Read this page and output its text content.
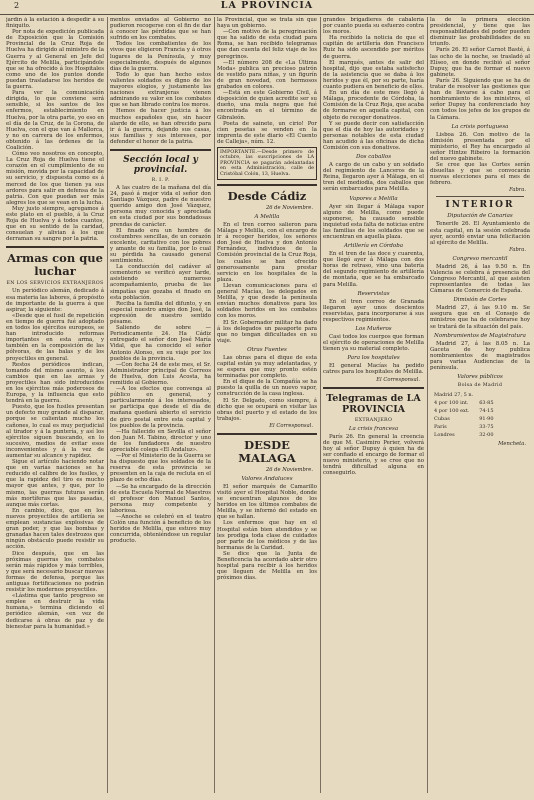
2	LA PROVINCIA

jardín á la estación á despedir á su finiquito.

Por nota de expedición publicada de Exposición que la Comisión Provincial de la Cruz Roja de Huelva ha dirigido al ministro de la Guerra y al General en Jefe del Ejército de Melilla, participándole que se ha ofrecido á los Hospitales como uno de los puntos donde puedan trasladarse los heridos de la guerra.

Para ver la comunicación dirigida, lo que conviene será sensible, si los santos de los enfermos, establecimiento en Huelva, por la otra parte, yo eso en el día de la Cruz, de la Corona, de Huelva, con el que van á Mallorca, y no en carrera de los enfermos, obtenido á las órdenes de la Coalición.

Cómo veo nosotros en concepto, La Cruz Roja de Huelva tiene el corazón en el cumplimiento de su misión, movida por la capacidad de su servicio, y dispuesta como es á merced de los que tienen ya sus ardores para salir en defensa de la patria. Con que puedan ser más alegres los que se vean en la lucha.

Muy justo siempre, agregamos á este plato en el pueblo, á la Cruz Roja de Huelva y á todos cuantos, que en su sentido de la caridad, consuelan y alivian á los que derraman su sangre por la patria.

Armas con que luchar
EN LOS SERVICIOS EXTRANJEROS

Un periódico alemán, dedicado á esa materia las labores, á propósito de importante de la guerra á que aspirar, la siguiente:

«Desde que el fusil de repetición en tiempo de guerra fué adoptado en todos los ejércitos europeos, se han introducido reformas importantes en esta arma, y también en la composición de las pólvoras, de las balas y de los proyectiles en general.

Restos periódicos indican, tomando del mismo asunto, á los cambios que en las armas y proyectiles han sido introducidos en los ejércitos más poderosos de Europa, y la influencia que esto tendrá en la guerra.

Puesto, que los fusiles presentan un defecto muy grande al disparar, porque se calientan mucho los cañones, lo cual es muy perjudicial al tirador y á la puntería, y así los ejércitos siguen buscando, en lo sucesivo, medios de evitar esos inconvenientes y á la vez de aumentar su alcance y rapidez.

Sigue el artículo haciendo notar que en varias naciones se ha reducido el calibre de los fusiles, y que la rapidez del tiro es mucho mayor que antes, y que, por lo mismo, las guerras futuras serán más mortíferas que las pasadas, aunque más cortas.

En cambio, dice, que en los nuevos proyectiles de artillería se emplean sustancias explosivas de gran poder, y que las bombas y granadas hacen tales destrozos que ningún obstáculo puede resistir su acción.

Dice después, que en las próximas guerras los combates serán más rápidos y más terribles, y que será necesario buscar nuevas formas de defensa, porque las antiguas fortificaciones no podrán resistir los modernos proyectiles.

«Lástima que tanto progreso se emplee en destruir la vida humana,» termina diciendo el periódico alemán, «en vez de dedicarse á obras de paz y de bienestar para la humanidad.»

mentos enviados al Gobierno no pudieron recogerse con el fin de dar á conocer las pérdidas que se han sufrido en los combates.

Todos los combatientes de los vivos que eligieron Francia y á otros lugares de la Península, y muy especialmente, después de algunos días de la guerra.

Todo lo que han hecho estos valientes soldados es digno de los mayores elogios, y justamente las naciones extranjeras vienen admirando su valor en los combates que se han librado contra los moros.

Hemos de hacer justicia á los muchos españoles que, sin hacer alarde de ello, se han ofrecido para ir á la guerra, dejando sus casas, sus familias y sus intereses, por defender el honor de la patria.

Sección local y provincial.
R. I. P.

A las cuatro de la mañana del día 24, pasó á mejor vida el señor don Santiago Vázquez, padre de nuestro querido amigo don José Vázquez, persona muy conocida y apreciada en esta ciudad por sus bondadosas prendas de carácter.

El finado era un hombre de costumbres sencillas, de un corazón excelente, caritativo con los pobres y amante de su familia, por lo cual su pérdida ha causado general sentimiento.

La conducción del cadáver al cementerio se verificó ayer tarde, asistiendo numeroso acompañamiento, prueba de las simpatías que gozaba el finado en esta población.

Reciba la familia del difunto, y en especial nuestro amigo don José, la expresión de nuestro sentido pésame.

Saliendo de sobre —Periodicamente 24. Ha Cádiz entregado el señor don José María Vidal, que ha conocido el señor Antonio Alonso, en su viaje por los pueblos de la provincia.

—Con fecha 24 de este mes, el Sr. Administrador principal de Correos de Huelva, don Luis Acosta, ha remitido al Gobierno.

—A los efectos que convenga al público en general, y particularmente á los interesados, se participa que desde el día de mañana quedará abierto el servicio de giro postal entre esta capital y los pueblos de la provincia.

—Ha fallecido en Sevilla el señor don Juan M. Tabino, director y uno de los fundadores de nuestro apreciable colega «El Andaluz».

—Por el Ministerio de la Guerra se ha dispuesto que los soldados de la reserva de esta provincia se presenten en la caja de recluta en el plazo de ocho días.

—Se ha encargado de la dirección de esta Escuela Normal de Maestros el profesor don Manuel Santos, persona muy competente y laboriosa.

—Anoche se celebró en el teatro Colón una función á beneficio de los heridos de Melilla, que estuvo muy concurrida, obteniéndose un regular producto.

la Provincial, que se trata sin que haya un gobierno.

—Con motivo de la peregrinación que ha salido de esta ciudad para Roma, se han recibido telegramas que dan cuenta del feliz viaje de los peregrinos.

—El número 208 de «La Última Moda» publica un precioso patrón de vestido para niñas, y un figurín de gran novedad, con hermosos grabados en colores.

—Está en este Gobierno Civil, á disposición de quien acredite ser su dueño, una mula negra que fué encontrada en el término de Gibraleón.

Poeta de sainete, un cirio! Por cien pesetas se venden en la imprenta de este diario «El Cuento de Calleja», núm. 12.

IMPORTANTE.—Desde primero de octubre, las suscripciones de LA PROVINCIA se pagarán adelantadas en esta Administración, calle de Cristóbal Colón, 13, Huelva.

Desde Cádiz
26 de Noviembre.
A Melilla

En el tren correo salieron para Málaga y Melilla, con el encargo de ir á recoger heridos, los señores don José de Huelva y don Antonio Fernández, individuos de la Comisión provincial de la Cruz Roja, los cuales se han ofrecido generosamente para prestar servicio en los hospitales de la plaza.

Llevan comunicaciones para el general Macías, los delegados en Melilla, y que desde la península envían muchos donativos para los soldados heridos en los combates con los moros.

El Sr. Gobernador militar ha dado á los delegados un pasaporte para que no tengan dificultades en su viaje.

Otras Fuentes

Las obras para el dique de esta capital están ya muy adelantadas, y se espera que muy pronto estén terminadas por completo.

En el dique de la Compañía se ha puesto la quilla de un nuevo vapor, construcción de la casa inglesa.

El Sr. Delgado, como siempre, á dicho que se ocupará en visitar las obras del puerto y el estado de los trabajos.

El Corresponsal.
DESDE MALAGA
26 de Noviembre.
Valores Andaluces

El señor marqués de Camarillo visitó ayer el Hospital Noble, donde se encuentran algunos de los heridos en los últimos combates de Melilla, y se informó del estado en que se hallan.

Los enfermos que hay en el Hospital están bien atendidos y se les prodiga toda clase de cuidados por parte de los médicos y de las hermanas de la Caridad.

Se dice que la Junta de Beneficencia ha acordado abrir otro hospital para recibir á los heridos que lleguen de Melilla en los próximos días.

grandes brigadieres de cabalería por cuanto pueda su esfuerzo contra los moros.

Ha recibido la noticia de que el capitán de artillería don Francisco Ruiz ha sido ascendido por méritos de guerra.

El marqués, antes de salir del hospital, dijo que estaba satisfecho de la asistencia que se daba á los heridos y que él, por su parte, haría cuanto pudiera en beneficio de ellos.

En un día de este mes llegó á Málaga, procedente de Córdoba, la Comisión de la Cruz Roja, que acaba de formarse en aquella capital, con objeto de recoger donativos.

Y se puede decir con satisfacción que el día de hoy las autoridades y personas notables de esta ciudad han acudido á las oficinas de dicha Comisión con sus donativos.

Dos caballos

A cargo de un cabo y un soldado del regimiento de Lanceros de la Reina, llegaron ayer á Málaga, en el tren del mediodía, dos caballos que serán embarcados para Melilla.

Vapores a Melilla

Ayer sin llegar á Málaga vapor alguno de Melilla, como puede suponerse, ha causado sensible inquietud esta falta de noticias entre las familias de los soldados que se encuentran en aquella plaza.

Artillería en Córdoba

En el tren de las doce y cuarenta, que llegó ayer á Málaga con dos horas de retraso, vino una batería del segundo regimiento de artillería de montaña, que se ha embarcado para Melilla.

Reservistas

En el tren correo de Granada llegaron ayer unos doscientos reservistas, para incorporarse á sus respectivos regimientos.

Los Muñeros

Casi todos los cuerpos que forman el ejército de operaciones de Melilla tienen ya su material completo.

Para los hospitales

El general Macías ha pedido catres para los hospitales de Melilla.

El Corresponsal.
Telegramas de LA PROVINCIA
EXTRANJERO
La crisis francesa

París 26. En general la creencia de que M. Casimiro Perier, volverá hoy al señor Dupuy á quien ha de ser confiado el encargo de formar el nuevo ministerio, y se cree que no tendrá dificultad alguna en conseguirlo.

la de la primera elección presidencial, y tiene que las responsabilidades del poder pueden disminuir las probabilidades de su triunfo.

París 26. El señor Carnot Basté, á las ocho de la noche, se trasladó al Elíseo, en donde recibió al señor Dupuy, que ha de formar el nuevo gabinete.

París 26. Siguiendo que se ha de tratar de resolver las gestiones que han de llevarse á cabo para el nombramiento de los ministros, el señor Dupuy ha conferenciado hoy con todos los jefes de los grupos de la Cámara.

La crisis portuguesa

Lisboa 26. Con motivo de la dimisión presentada por el ministerio, el Rey ha encargado al señor Hintze Ribeiro la formación del nuevo gabinete.

Se cree que las Cortes serán disueltas y que se convocarán nuevas elecciones para el mes de febrero.

Fabra.
INTERIOR
Diputación de Canarias

Tenerife 26. El Ayuntamiento de esta capital, en la sesión celebrada ayer, acordó enviar una felicitación al ejército de Melilla.

Fabra.
Congreso mercantil

Madrid 26, á las 9.50 n. En Valencia se celebra á presencia del Congreso Mercantil, al que asisten representantes de todas las Cámaras de Comercio de España.

Dimisión de Cortes

Madrid 27, á las 9.10 m. Se asegura que en el Consejo de ministros que ha de celebrarse hoy se tratará de la situación del país.

Nombramientos de Magistratura

Madrid 27, á las 8.05 n. La Gaceta de hoy publica nombramientos de magistrados para varias Audiencias de la península.

Valores públicos
Bolsa de Madrid
Madrid 27, 5 n.	
4 por 100 int.	63·85
4 por 100 ext.	74·15
Cubas	91·90
París	33·75
Londres	32·00
Mencheta.
